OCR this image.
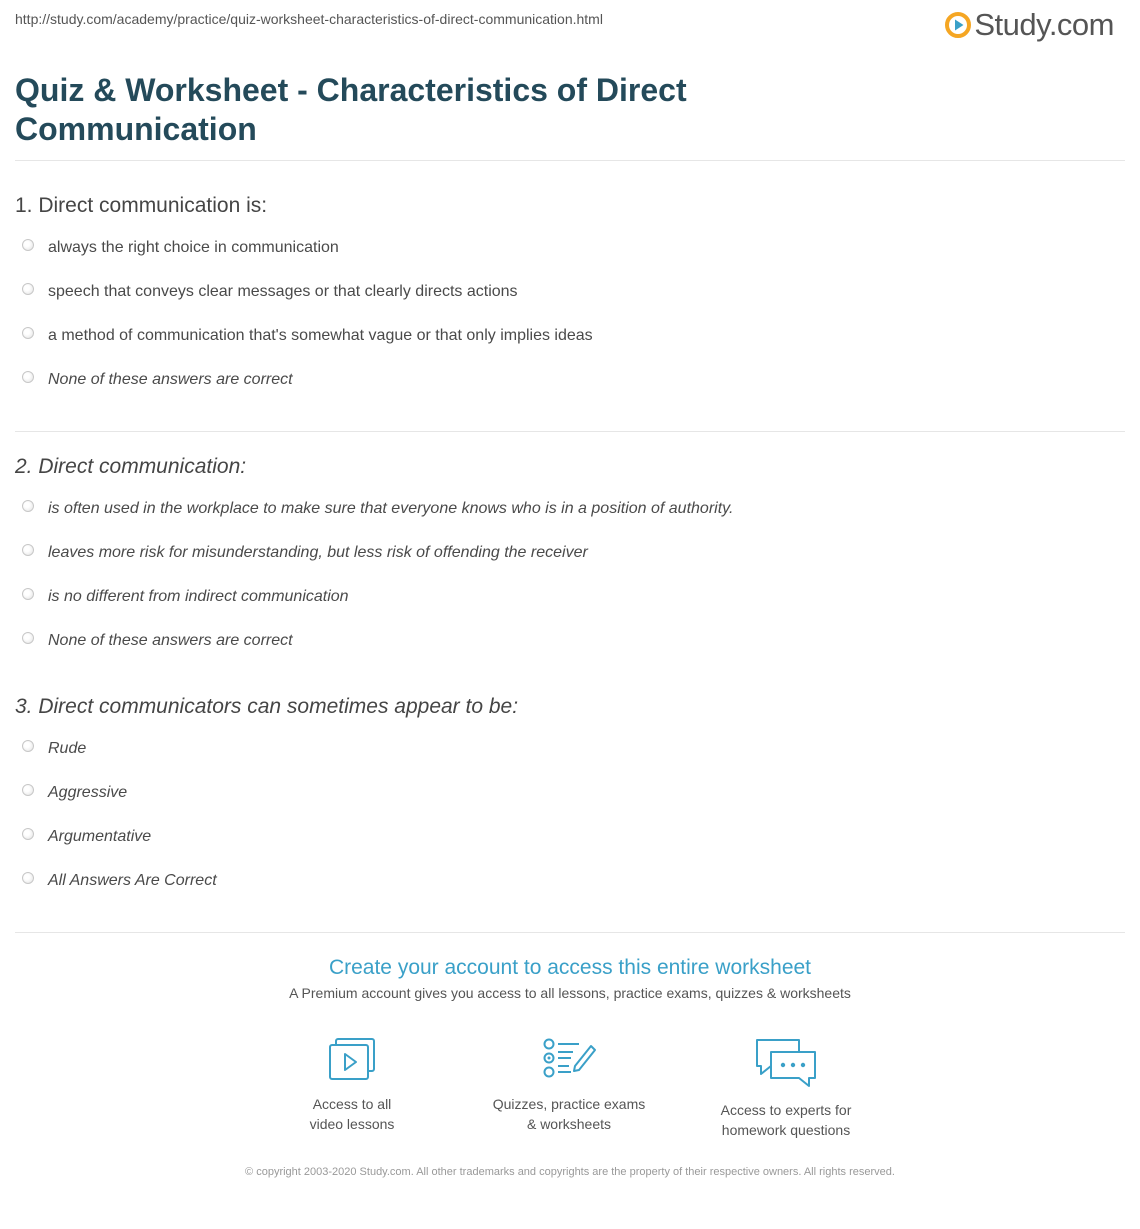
http://study.com/academy/practice/quiz-worksheet-characteristics-of-direct-communication.html	Study.com
Quiz & Worksheet - Characteristics of Direct Communication
1. Direct communication is:
always the right choice in communication
speech that conveys clear messages or that clearly directs actions
a method of communication that's somewhat vague or that only implies ideas
None of these answers are correct
2. Direct communication:
is often used in the workplace to make sure that everyone knows who is in a position of authority.
leaves more risk for misunderstanding, but less risk of offending the receiver
is no different from indirect communication
None of these answers are correct
3. Direct communicators can sometimes appear to be:
Rude
Aggressive
Argumentative
All Answers Are Correct
Create your account to access this entire worksheet
A Premium account gives you access to all lessons, practice exams, quizzes & worksheets
Access to all
video lessons
Quizzes, practice exams
& worksheets
Access to experts for
homework questions
© copyright 2003-2020 Study.com. All other trademarks and copyrights are the property of their respective owners. All rights reserved.
